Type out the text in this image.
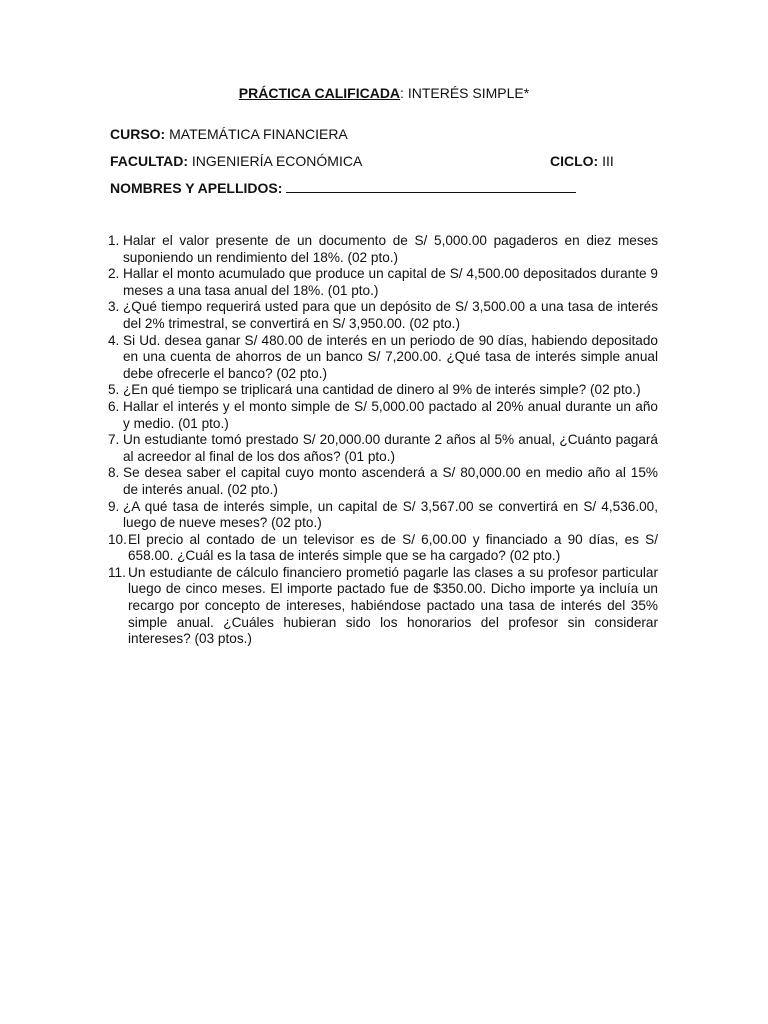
PRÁCTICA CALIFICADA: INTERÉS SIMPLE*
CURSO: MATEMÁTICA FINANCIERA
FACULTAD: INGENIERÍA ECONÓMICA	CICLO: III
NOMBRES Y APELLIDOS:
1. Halar el valor presente de un documento de S/ 5,000.00 pagaderos en diez meses suponiendo un rendimiento del 18%. (02 pto.)
2. Hallar el monto acumulado que produce un capital de S/ 4,500.00 depositados durante 9 meses a una tasa anual del 18%. (01 pto.)
3. ¿Qué tiempo requerirá usted para que un depósito de S/ 3,500.00 a una tasa de interés del 2% trimestral, se convertirá en S/ 3,950.00. (02 pto.)
4. Si Ud. desea ganar S/ 480.00 de interés en un periodo de 90 días, habiendo depositado en una cuenta de ahorros de un banco S/ 7,200.00. ¿Qué tasa de interés simple anual debe ofrecerle el banco? (02 pto.)
5. ¿En qué tiempo se triplicará una cantidad de dinero al 9% de interés simple? (02 pto.)
6. Hallar el interés y el monto simple de S/ 5,000.00 pactado al 20% anual durante un año y medio. (01 pto.)
7. Un estudiante tomó prestado S/ 20,000.00 durante 2 años al 5% anual, ¿Cuánto pagará al acreedor al final de los dos años? (01 pto.)
8. Se desea saber el capital cuyo monto ascenderá a S/ 80,000.00 en medio año al 15% de interés anual. (02 pto.)
9. ¿A qué tasa de interés simple, un capital de S/ 3,567.00 se convertirá en S/ 4,536.00, luego de nueve meses? (02 pto.)
10. El precio al contado de un televisor es de S/ 6,00.00 y financiado a 90 días, es S/ 658.00. ¿Cuál es la tasa de interés simple que se ha cargado? (02 pto.)
11. Un estudiante de cálculo financiero prometió pagarle las clases a su profesor particular luego de cinco meses. El importe pactado fue de $350.00. Dicho importe ya incluía un recargo por concepto de intereses, habiéndose pactado una tasa de interés del 35% simple anual. ¿Cuáles hubieran sido los honorarios del profesor sin considerar intereses? (03 ptos.)
